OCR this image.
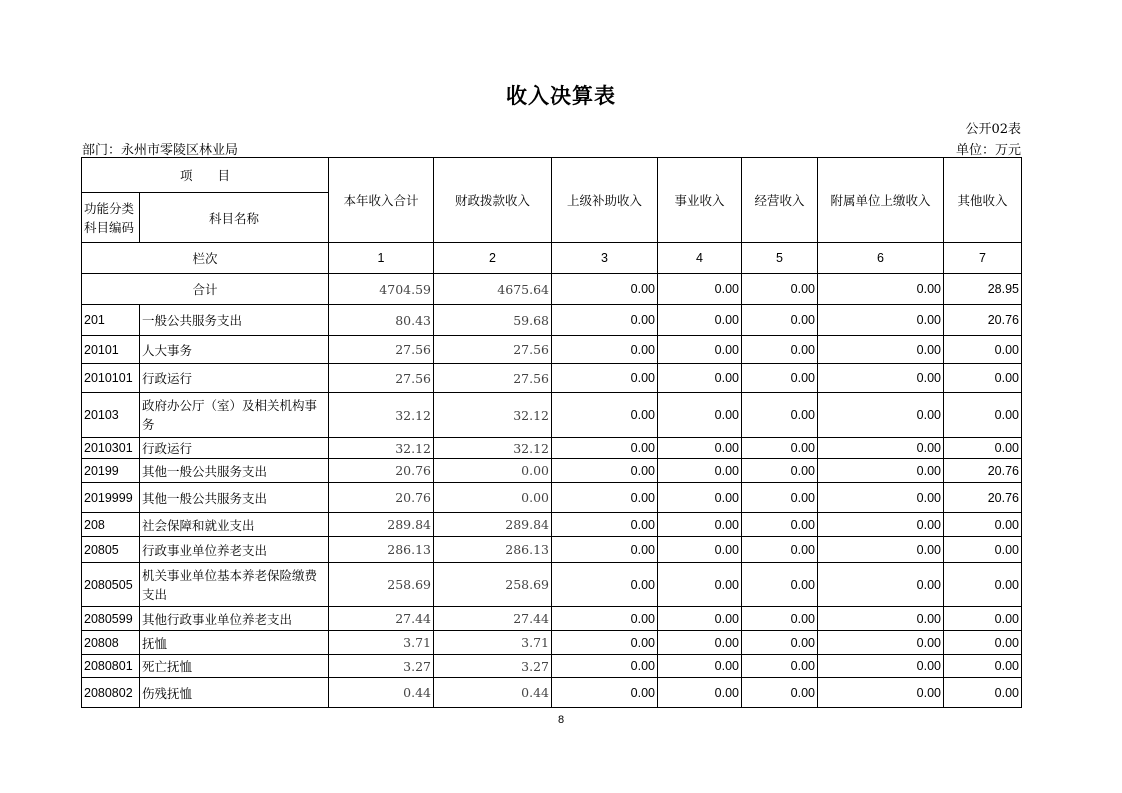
收入决算表
公开02表
部门：永州市零陵区林业局	单位：万元
项　　目		本年收入合计	财政拨款收入	上级补助收入	事业收入	经营收入	附属单位上缴收入	其他收入
功能分类科目编码	科目名称							
栏次		1	2	3	4	5	6	7
合计		4704.59	4675.64	0.00	0.00	0.00	0.00	28.95
201	一般公共服务支出	80.43	59.68	0.00	0.00	0.00	0.00	20.76
20101	人大事务	27.56	27.56	0.00	0.00	0.00	0.00	0.00
2010101	行政运行	27.56	27.56	0.00	0.00	0.00	0.00	0.00
20103	政府办公厅（室）及相关机构事务	32.12	32.12	0.00	0.00	0.00	0.00	0.00
2010301	行政运行	32.12	32.12	0.00	0.00	0.00	0.00	0.00
20199	其他一般公共服务支出	20.76	0.00	0.00	0.00	0.00	0.00	20.76
2019999	其他一般公共服务支出	20.76	0.00	0.00	0.00	0.00	0.00	20.76
208	社会保障和就业支出	289.84	289.84	0.00	0.00	0.00	0.00	0.00
20805	行政事业单位养老支出	286.13	286.13	0.00	0.00	0.00	0.00	0.00
2080505	机关事业单位基本养老保险缴费支出	258.69	258.69	0.00	0.00	0.00	0.00	0.00
2080599	其他行政事业单位养老支出	27.44	27.44	0.00	0.00	0.00	0.00	0.00
20808	抚恤	3.71	3.71	0.00	0.00	0.00	0.00	0.00
2080801	死亡抚恤	3.27	3.27	0.00	0.00	0.00	0.00	0.00
2080802	伤残抚恤	0.44	0.44	0.00	0.00	0.00	0.00	0.00
8
